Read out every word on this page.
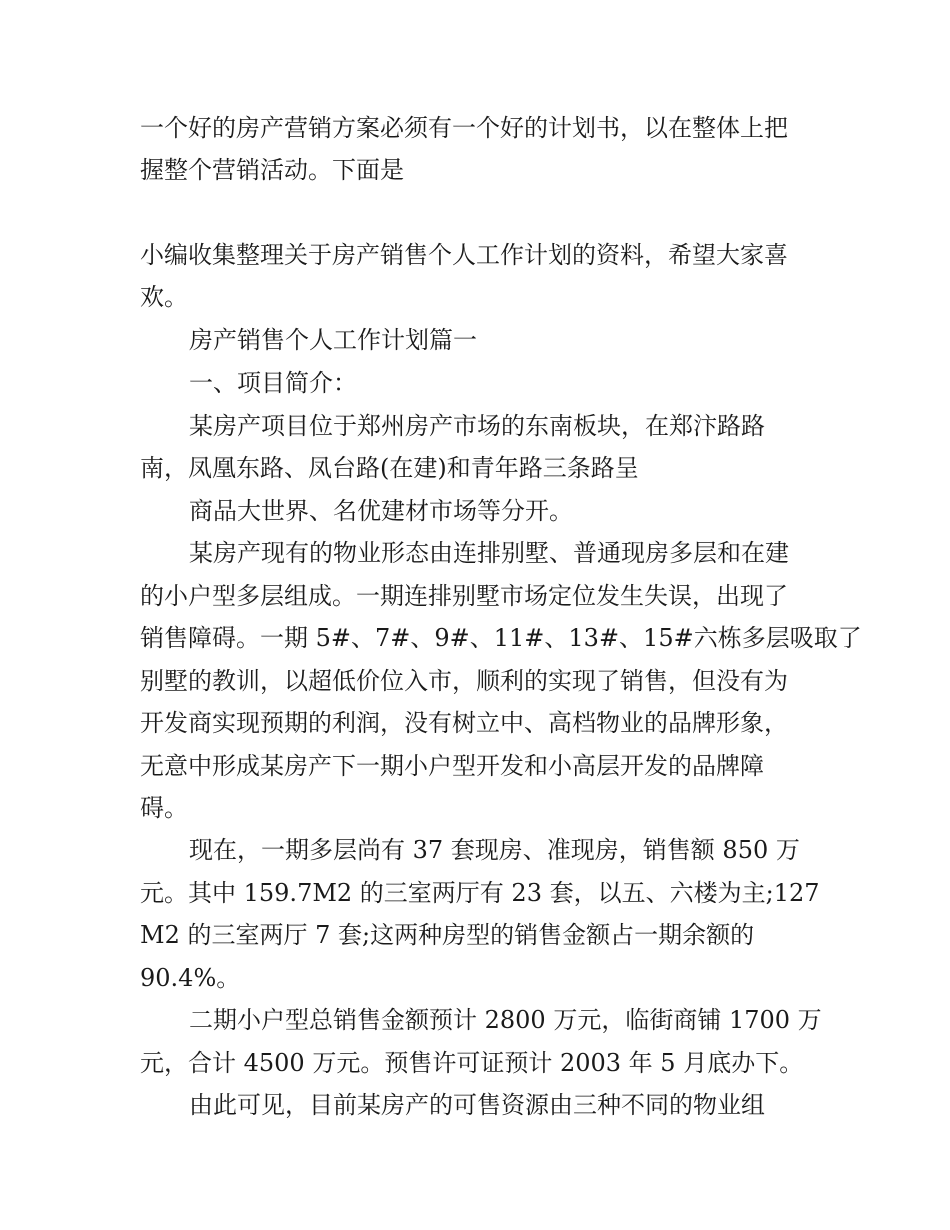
一个好的房产营销方案必须有一个好的计划书，以在整体上把
握整个营销活动。下面是
小编收集整理关于房产销售个人工作计划的资料，希望大家喜
欢。
房产销售个人工作计划篇一
一、项目简介：
某房产项目位于郑州房产市场的东南板块，在郑汴路路
南，凤凰东路、凤台路(在建)和青年路三条路呈
商品大世界、名优建材市场等分开。
某房产现有的物业形态由连排别墅、普通现房多层和在建
的小户型多层组成。一期连排别墅市场定位发生失误，出现了
销售障碍。一期 5#、7#、9#、11#、13#、15#六栋多层吸取了
别墅的教训，以超低价位入市，顺利的实现了销售，但没有为
开发商实现预期的利润，没有树立中、高档物业的品牌形象，
无意中形成某房产下一期小户型开发和小高层开发的品牌障
碍。
现在，一期多层尚有 37 套现房、准现房，销售额 850 万
元。其中 159.7M2 的三室两厅有 23 套，以五、六楼为主;127
M2 的三室两厅 7 套;这两种房型的销售金额占一期余额的
90.4%。
二期小户型总销售金额预计 2800 万元，临街商铺 1700 万
元，合计 4500 万元。预售许可证预计 2003 年 5 月底办下。
由此可见，目前某房产的可售资源由三种不同的物业组
